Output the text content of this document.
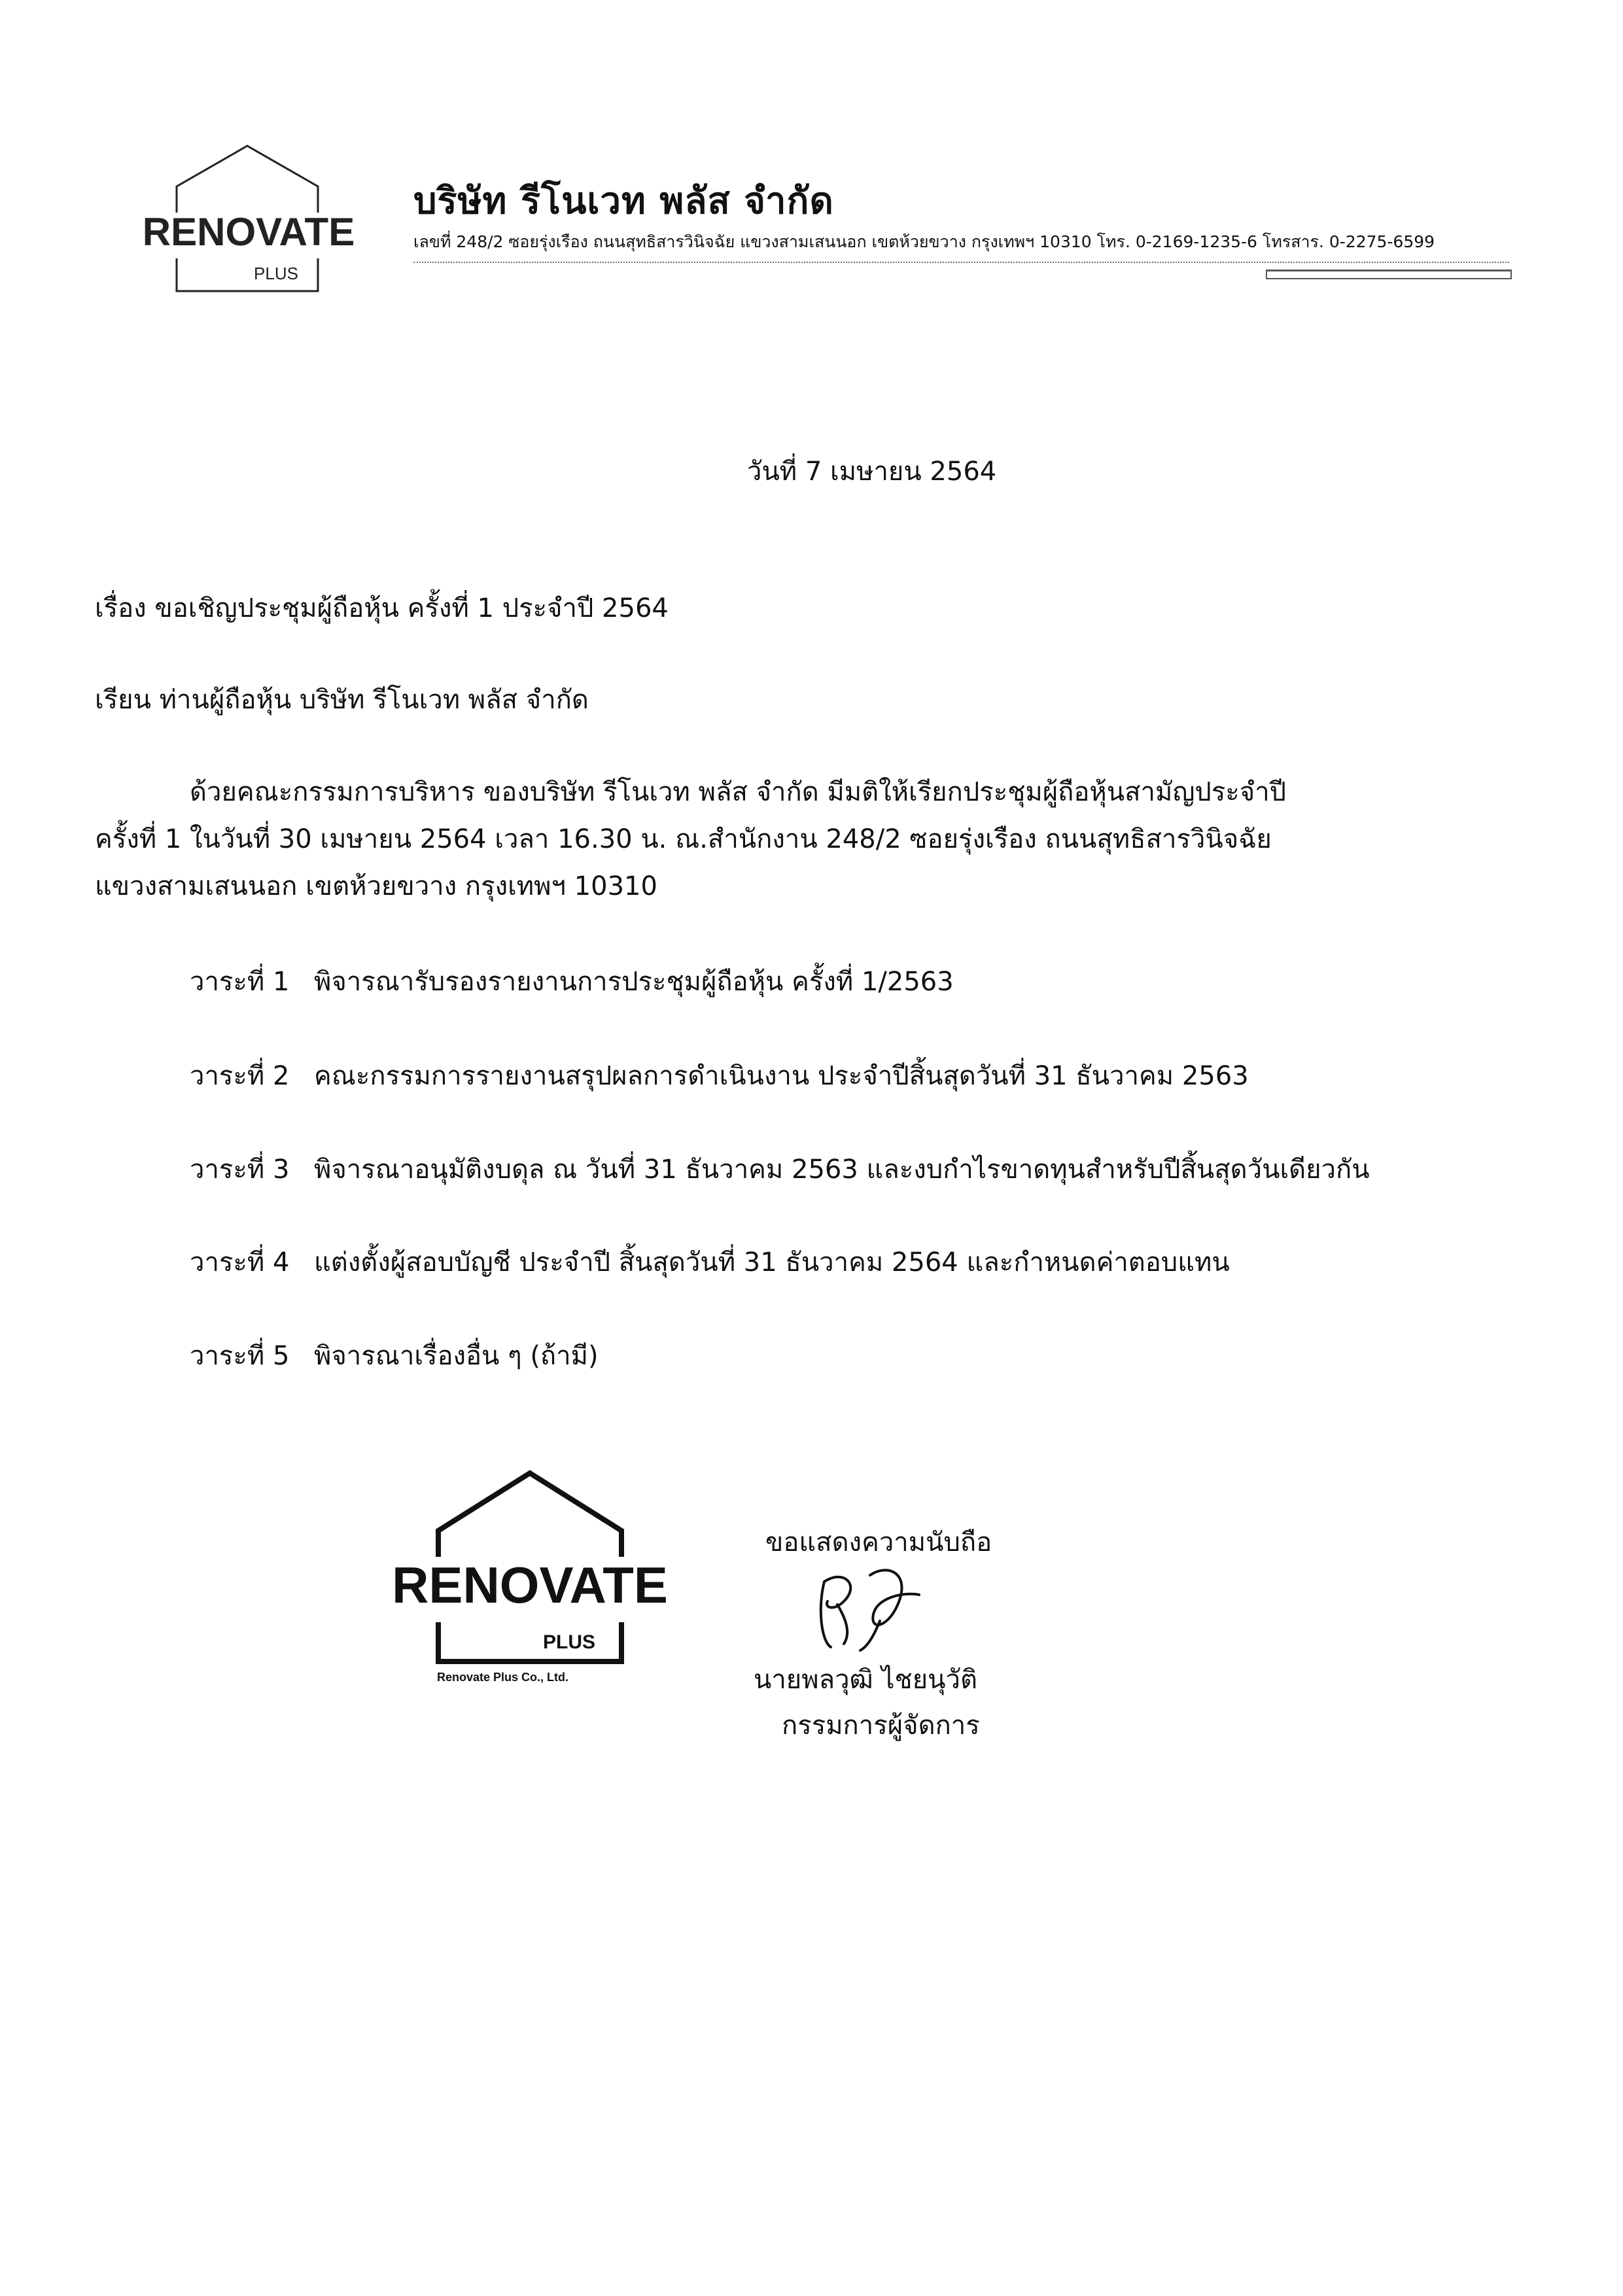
RENOVATE
PLUS
บริษัท รีโนเวท พลัส จำกัด
เลขที่ 248/2 ซอยรุ่งเรือง ถนนสุทธิสารวินิจฉัย แขวงสามเสนนอก เขตห้วยขวาง กรุงเทพฯ 10310 โทร. 0-2169-1235-6 โทรสาร. 0-2275-6599
วันที่ 7 เมษายน 2564
เรื่อง ขอเชิญประชุมผู้ถือหุ้น ครั้งที่ 1 ประจำปี 2564
เรียน ท่านผู้ถือหุ้น บริษัท รีโนเวท พลัส จำกัด
ด้วยคณะกรรมการบริหาร ของบริษัท รีโนเวท พลัส จำกัด มีมติให้เรียกประชุมผู้ถือหุ้นสามัญประจำปี
ครั้งที่ 1 ในวันที่ 30 เมษายน 2564 เวลา 16.30 น. ณ.สำนักงาน 248/2 ซอยรุ่งเรือง ถนนสุทธิสารวินิจฉัย
แขวงสามเสนนอก เขตห้วยขวาง กรุงเทพฯ 10310
วาระที่ 1 พิจารณารับรองรายงานการประชุมผู้ถือหุ้น ครั้งที่ 1/2563
วาระที่ 2 คณะกรรมการรายงานสรุปผลการดำเนินงาน ประจำปีสิ้นสุดวันที่ 31 ธันวาคม 2563
วาระที่ 3 พิจารณาอนุมัติงบดุล ณ วันที่ 31 ธันวาคม 2563 และงบกำไรขาดทุนสำหรับปีสิ้นสุดวันเดียวกัน
วาระที่ 4 แต่งตั้งผู้สอบบัญชี ประจำปี สิ้นสุดวันที่ 31 ธันวาคม 2564 และกำหนดค่าตอบแทน
วาระที่ 5 พิจารณาเรื่องอื่น ๆ (ถ้ามี)
RENOVATE
PLUS
Renovate Plus Co., Ltd.
ขอแสดงความนับถือ
นายพลวุฒิ ไชยนุวัติ
กรรมการผู้จัดการ
